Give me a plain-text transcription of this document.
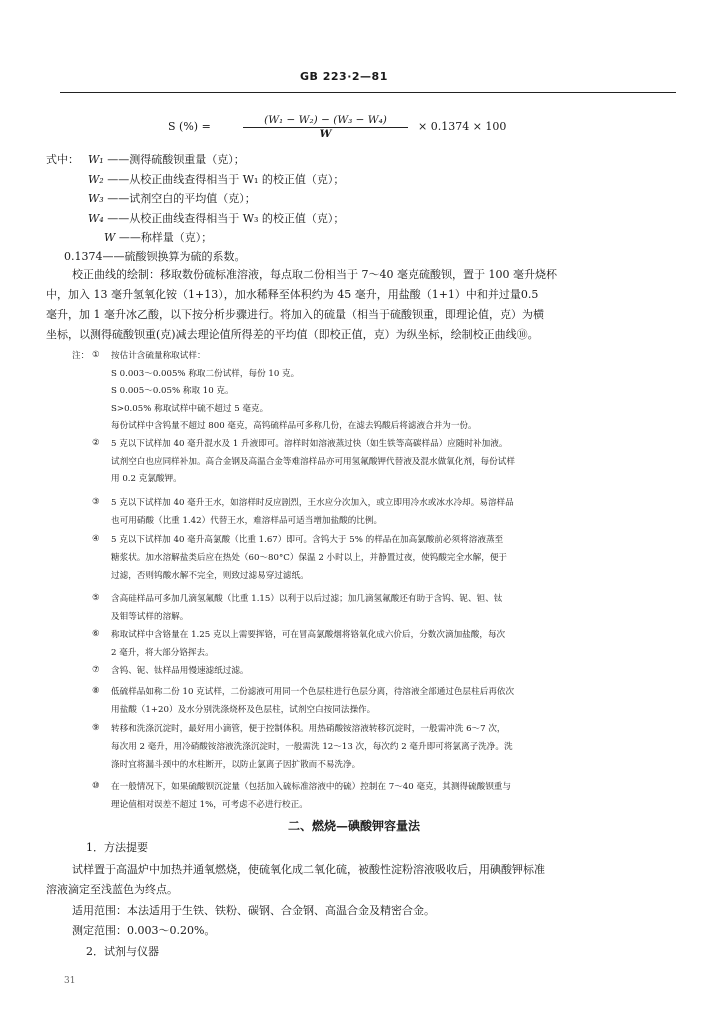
GB 223·2—81
S (%) =	(W₁ − W₂) − (W₃ − W₄)
W
× 0.1374 × 100
式中： W₁ ——测得硫酸钡重量（克）；
W₂ ——从校正曲线查得相当于 W₁ 的校正值（克）；
W₃ ——试剂空白的平均值（克）；
W₄ ——从校正曲线查得相当于 W₃ 的校正值（克）；
W ——称样量（克）；
0.1374——硫酸钡换算为硫的系数。
校正曲线的绘制：移取数份硫标准溶液，每点取二份相当于 7～40 毫克硫酸钡，置于 100 毫升烧杯
中，加入 13 毫升氢氧化铵（1+13），加水稀释至体积约为 45 毫升，用盐酸（1+1）中和并过量0.5
毫升，加 1 毫升冰乙酸，以下按分析步骤进行。将加入的硫量（相当于硫酸钡重，即理论值，克）为横
坐标，以测得硫酸钡重(克)减去理论值所得差的平均值（即校正值，克）为纵坐标，绘制校正曲线⑩。
注： ① 按估计含硫量称取试样：
S 0.003～0.005% 称取二份试样，每份 10 克。
S 0.005～0.05% 称取 10 克。
S>0.05% 称取试样中硫不超过 5 毫克。
每份试样中含钨量不超过 800 毫克，高钨硫样品可多称几份，在滤去钨酸后将滤液合并为一份。
② 5 克以下试样加 40 毫升混水及 1 升液即可。溶样时如溶液蒸过快（如生铁等高碳样品）应随时补加液。
试剂空白也应同样补加。高合金钢及高温合金等难溶样品亦可用氢氟酸钾代替液及混水做氧化剂，每份试样
用 0.2 克氯酸钾。
③ 5 克以下试样加 40 毫升王水，如溶样时反应剧烈，王水应分次加入，或立即用冷水或冰水冷却。易溶样品
也可用硝酸（比重 1.42）代替王水，难溶样品可适当增加盐酸的比例。
④ 5 克以下试样加 40 毫升高氯酸（比重 1.67）即可。含钨大于 5% 的样品在加高氯酸前必须将溶液蒸至
糖浆状。加水溶解盐类后应在热处（60～80°C）保温 2 小时以上，并静置过夜，使钨酸完全水解，便于
过滤，否则钨酸水解不完全，则致过滤易穿过滤纸。
⑤ 含高硅样品可多加几滴氢氟酸（比重 1.15）以利于以后过滤；加几滴氢氟酸还有助于含钨、铌、钽、钛
及钼等试样的溶解。
⑥ 称取试样中含铬量在 1.25 克以上需要挥铬，可在冒高氯酸烟将铬氧化成六价后，分数次滴加盐酸，每次
2 毫升，将大部分铬挥去。
⑦ 含钨、铌、钛样品用慢速滤纸过滤。
⑧ 低硫样品如称二份 10 克试样，二份滤液可用同一个色层柱进行色层分离，待溶液全部通过色层柱后再依次
用盐酸（1+20）及水分别洗涤烧杯及色层柱，试剂空白按同法操作。
⑨ 转移和洗涤沉淀时，最好用小滴管，便于控制体积。用热硝酸铵溶液转移沉淀时，一般需冲洗 6～7 次，
每次用 2 毫升，用冷硝酸铵溶液洗涤沉淀时，一般需洗 12～13 次，每次约 2 毫升即可将氯离子洗净。洗
涤时宜将漏斗颈中的水柱断开，以防止氯离子因扩散而不易洗净。
⑩ 在一般情况下，如果硫酸钡沉淀量（包括加入硫标准溶液中的硫）控制在 7～40 毫克，其测得硫酸钡重与
理论值相对误差不超过 1%，可考虑不必进行校正。
二、燃烧—碘酸钾容量法
1．方法提要
试样置于高温炉中加热并通氧燃烧，使硫氧化成二氧化硫，被酸性淀粉溶液吸收后，用碘酸钾标准
溶液滴定至浅蓝色为终点。
适用范围：本法适用于生铁、铁粉、碳钢、合金钢、高温合金及精密合金。
测定范围：0.003～0.20%。
2．试剂与仪器
31
